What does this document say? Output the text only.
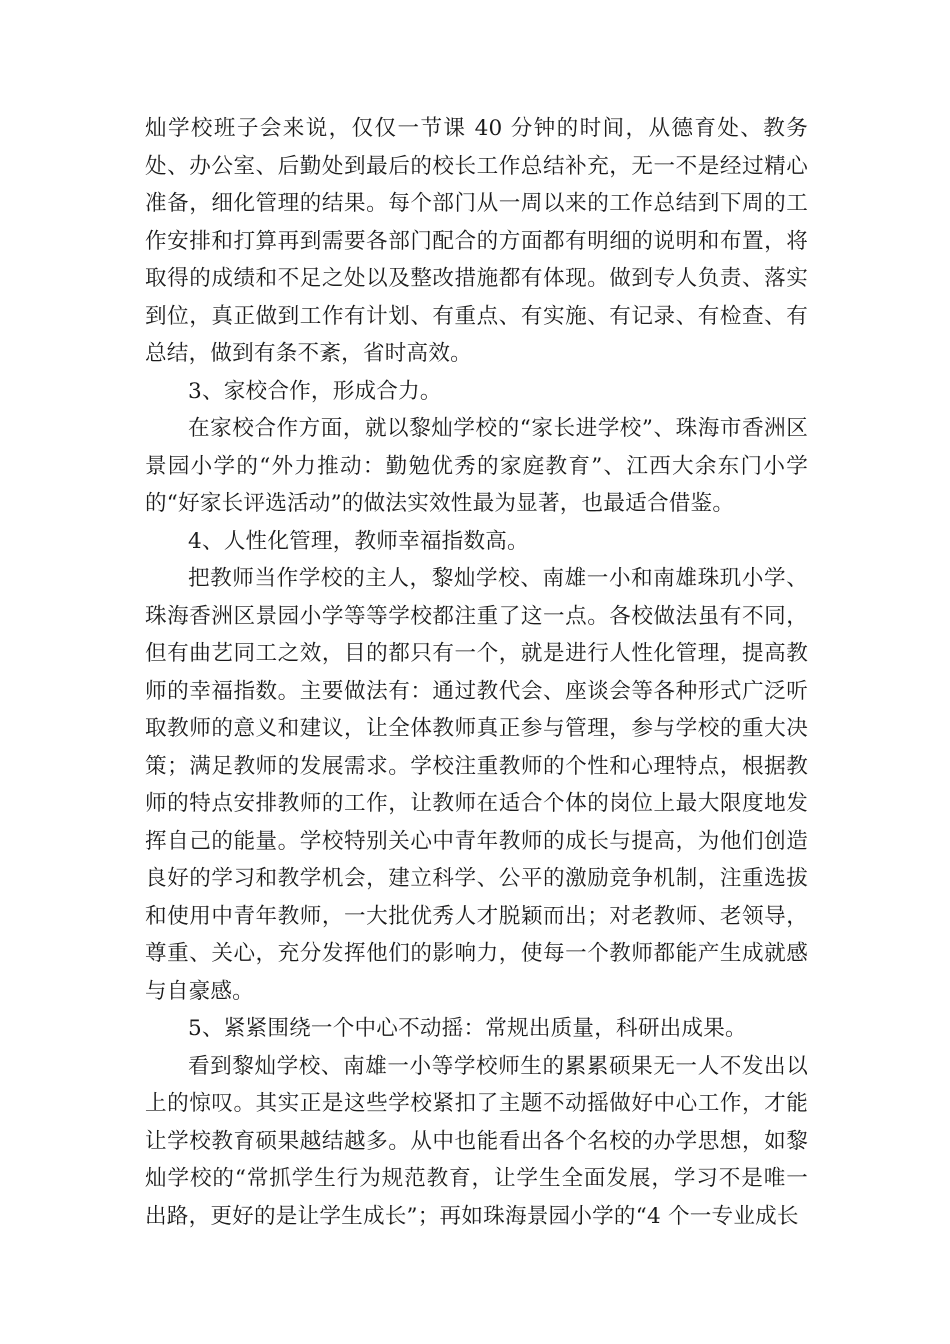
灿学校班子会来说，仅仅一节课 40 分钟的时间，从德育处、教务处、办公室、后勤处到最后的校长工作总结补充，无一不是经过精心准备，细化管理的结果。每个部门从一周以来的工作总结到下周的工作安排和打算再到需要各部门配合的方面都有明细的说明和布置，将取得的成绩和不足之处以及整改措施都有体现。做到专人负责、落实到位，真正做到工作有计划、有重点、有实施、有记录、有检查、有总结，做到有条不紊，省时高效。

3、家校合作，形成合力。

在家校合作方面，就以黎灿学校的“家长进学校”、珠海市香洲区景园小学的“外力推动：勤勉优秀的家庭教育”、江西大余东门小学的“好家长评选活动”的做法实效性最为显著，也最适合借鉴。

4、人性化管理，教师幸福指数高。

把教师当作学校的主人，黎灿学校、南雄一小和南雄珠玑小学、珠海香洲区景园小学等等学校都注重了这一点。各校做法虽有不同，但有曲艺同工之效，目的都只有一个，就是进行人性化管理，提高教师的幸福指数。主要做法有：通过教代会、座谈会等各种形式广泛听取教师的意义和建议，让全体教师真正参与管理，参与学校的重大决策；满足教师的发展需求。学校注重教师的个性和心理特点，根据教师的特点安排教师的工作，让教师在适合个体的岗位上最大限度地发挥自己的能量。学校特别关心中青年教师的成长与提高，为他们创造良好的学习和教学机会，建立科学、公平的激励竞争机制，注重选拔和使用中青年教师，一大批优秀人才脱颖而出；对老教师、老领导，尊重、关心，充分发挥他们的影响力，使每一个教师都能产生成就感与自豪感。

5、紧紧围绕一个中心不动摇：常规出质量，科研出成果。

看到黎灿学校、南雄一小等学校师生的累累硕果无一人不发出以上的惊叹。其实正是这些学校紧扣了主题不动摇做好中心工作，才能让学校教育硕果越结越多。从中也能看出各个名校的办学思想，如黎灿学校的“常抓学生行为规范教育，让学生全面发展，学习不是唯一出路，更好的是让学生成长”；再如珠海景园小学的“4 个一专业成长
